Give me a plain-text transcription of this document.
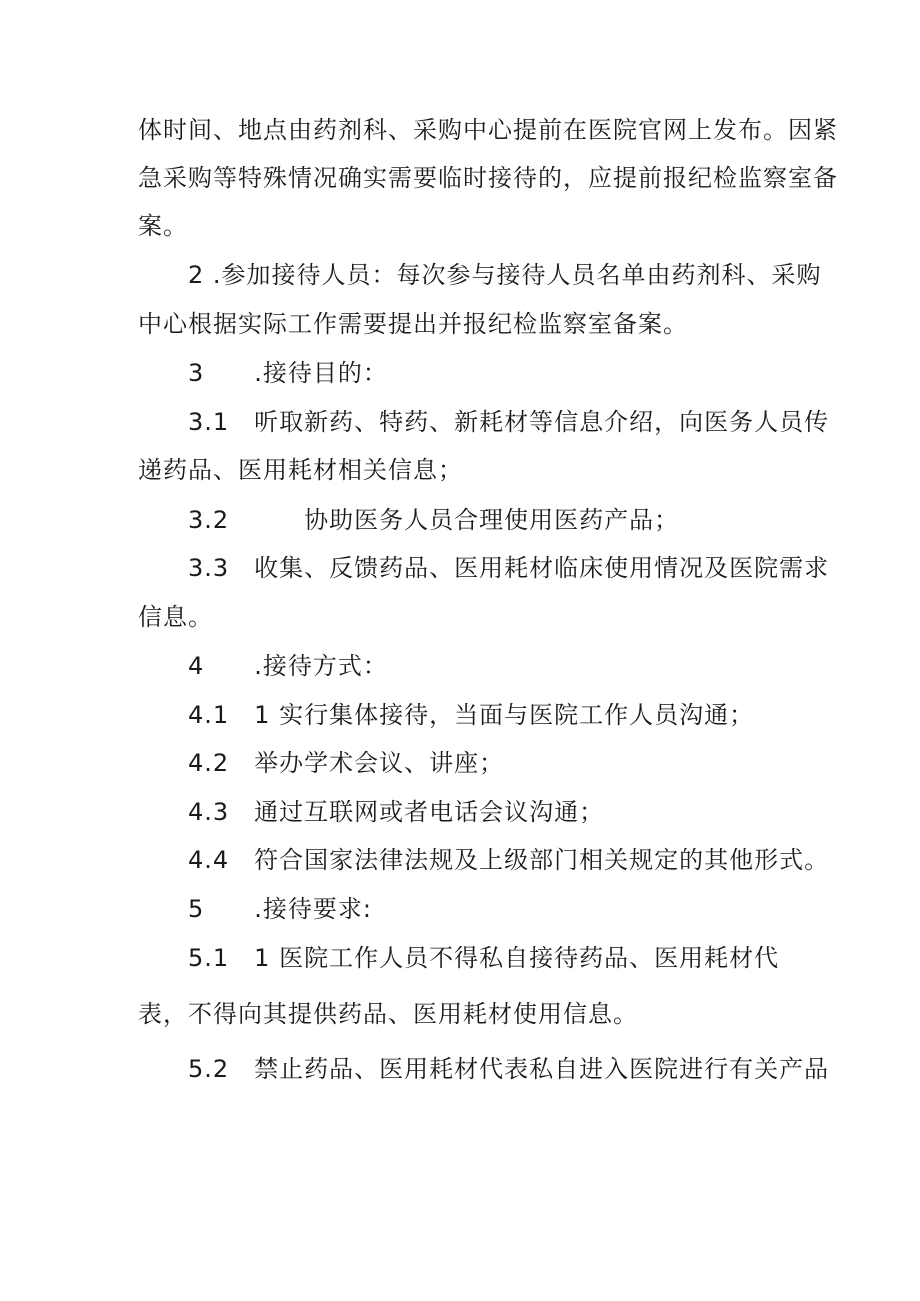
体时间、地点由药剂科、采购中心提前在医院官网上发布。因紧
急采购等特殊情况确实需要临时接待的，应提前报纪检监察室备
案。
2 .参加接待人员：每次参与接待人员名单由药剂科、采购
中心根据实际工作需要提出并报纪检监察室备案。
3　　.接待目的：
3.1　听取新药、特药、新耗材等信息介绍，向医务人员传
递药品、医用耗材相关信息；
3.2　　　协助医务人员合理使用医药产品；
3.3　收集、反馈药品、医用耗材临床使用情况及医院需求
信息。
4　　.接待方式：
4.1　1 实行集体接待，当面与医院工作人员沟通；
4.2　举办学术会议、讲座；
4.3　通过互联网或者电话会议沟通；
4.4　符合国家法律法规及上级部门相关规定的其他形式。
5　　.接待要求:
5.1　1 医院工作人员不得私自接待药品、医用耗材代
表，不得向其提供药品、医用耗材使用信息。
5.2　禁止药品、医用耗材代表私自进入医院进行有关产品
